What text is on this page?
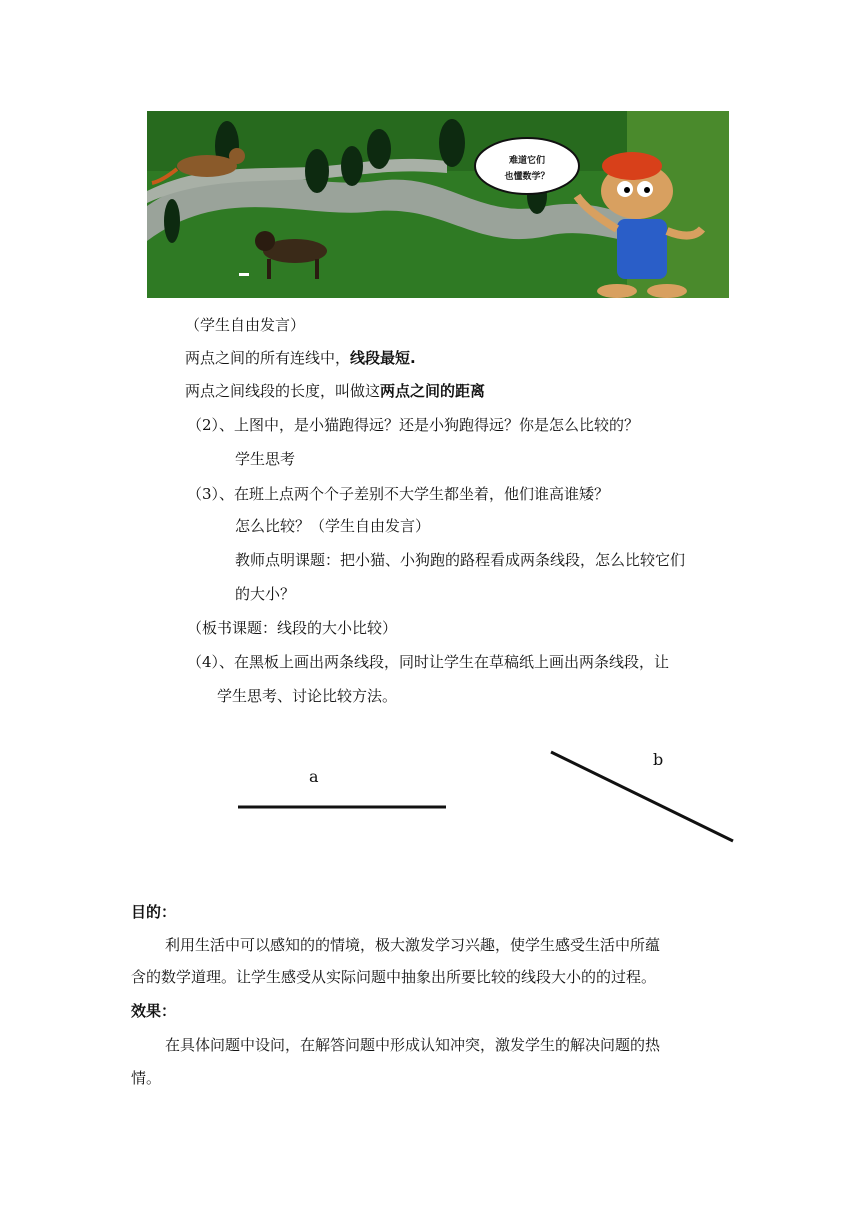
难道它们
也懂数学？
（学生自由发言）
两点之间的所有连线中，线段最短.
两点之间线段的长度，叫做这两点之间的距离
（2）、上图中，是小猫跑得远？还是小狗跑得远？你是怎么比较的？
学生思考
（3）、在班上点两个个子差别不大学生都坐着，他们谁高谁矮？
怎么比较？（学生自由发言）
教师点明课题：把小猫、小狗跑的路程看成两条线段，怎么比较它们
的大小？
（板书课题：线段的大小比较）
（4）、在黑板上画出两条线段，同时让学生在草稿纸上画出两条线段，让
学生思考、讨论比较方法。
a
b
目的：
利用生活中可以感知的的情境，极大激发学习兴趣，使学生感受生活中所蕴
含的数学道理。让学生感受从实际问题中抽象出所要比较的线段大小的的过程。
效果：
在具体问题中设问，在解答问题中形成认知冲突，激发学生的解决问题的热
情。
